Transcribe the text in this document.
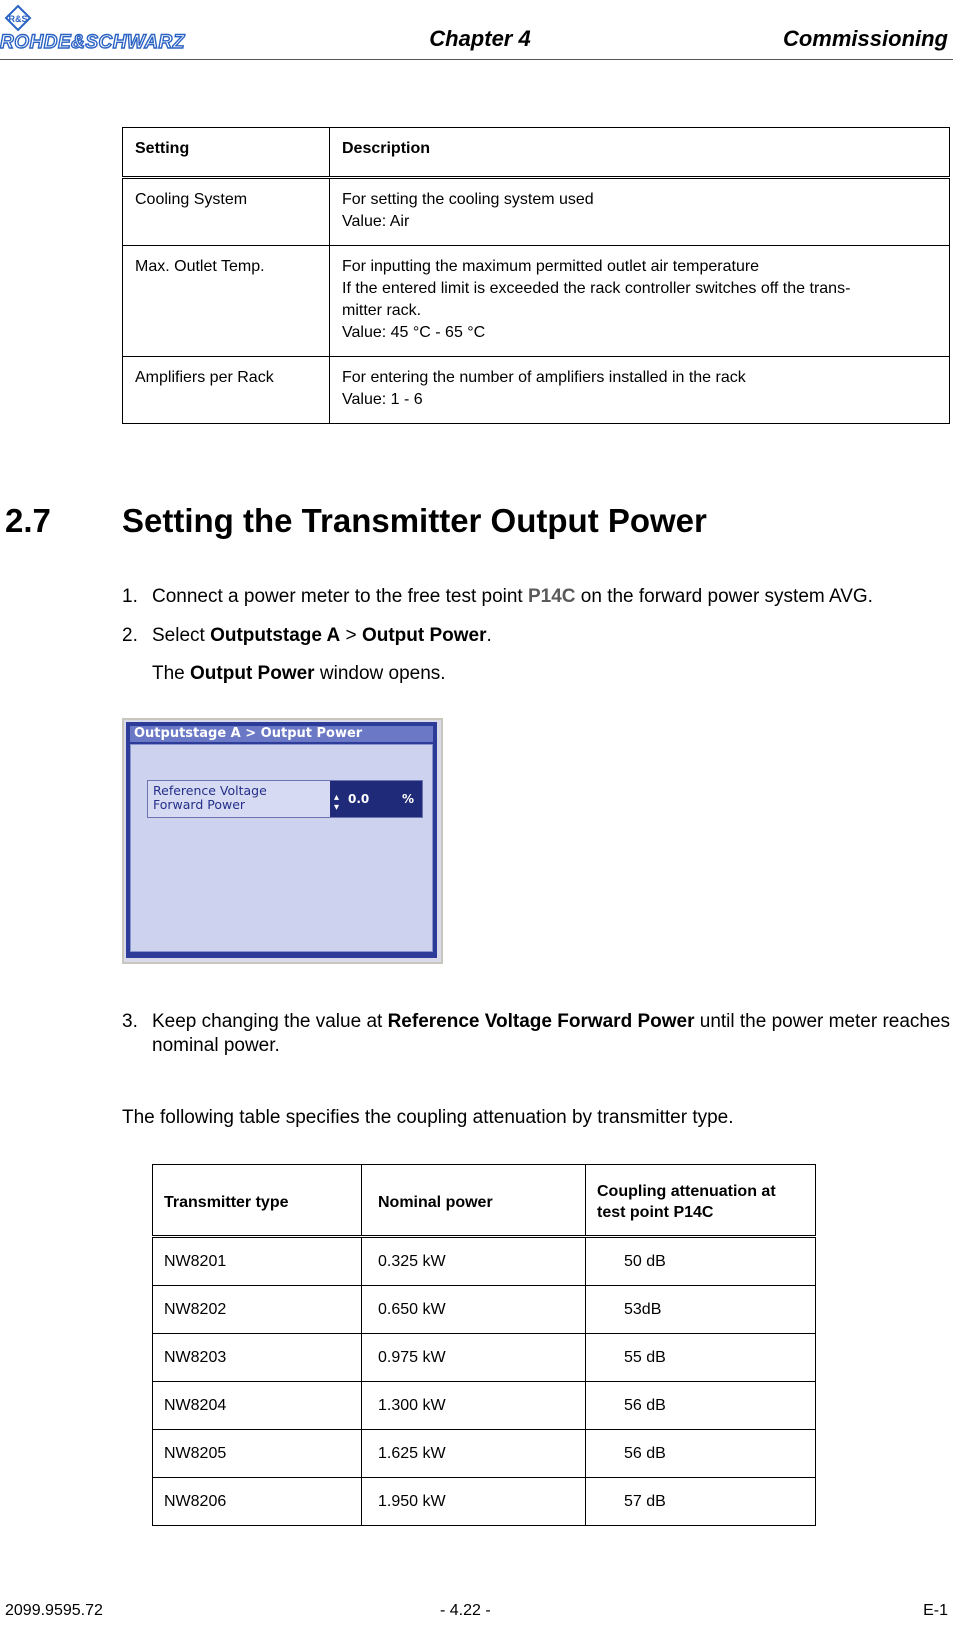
R&S
ROHDE&SCHWARZ	Chapter 4	Commissioning
Setting	Description
Cooling System	For setting the cooling system used
Value: Air

Max. Outlet Temp.	For inputting the maximum permitted outlet air temperature
If the entered limit is exceeded the rack controller switches off the trans-
mitter rack.
Value: 45 °C - 65 °C

Amplifiers per Rack	For entering the number of amplifiers installed in the rack
Value: 1 - 6
2.7 Setting the Transmitter Output Power
1. Connect a power meter to the free test point P14C on the forward power system AVG.
2. Select Outputstage A > Output Power.
The Output Power window opens.
Outputstage A > Output Power
Reference Voltage
Forward Power	▴
▾
0.0	%
3. Keep changing the value at Reference Voltage Forward Power until the power meter reaches nominal power.
The following table specifies the coupling attenuation by transmitter type.
Transmitter type	Nominal power	Coupling attenuation at test point P14C
NW8201	0.325 kW	50 dB
NW8202	0.650 kW	53dB
NW8203	0.975 kW	55 dB
NW8204	1.300 kW	56 dB
NW8205	1.625 kW	56 dB
NW8206	1.950 kW	57 dB
2099.9595.72	- 4.22 -	E-1
